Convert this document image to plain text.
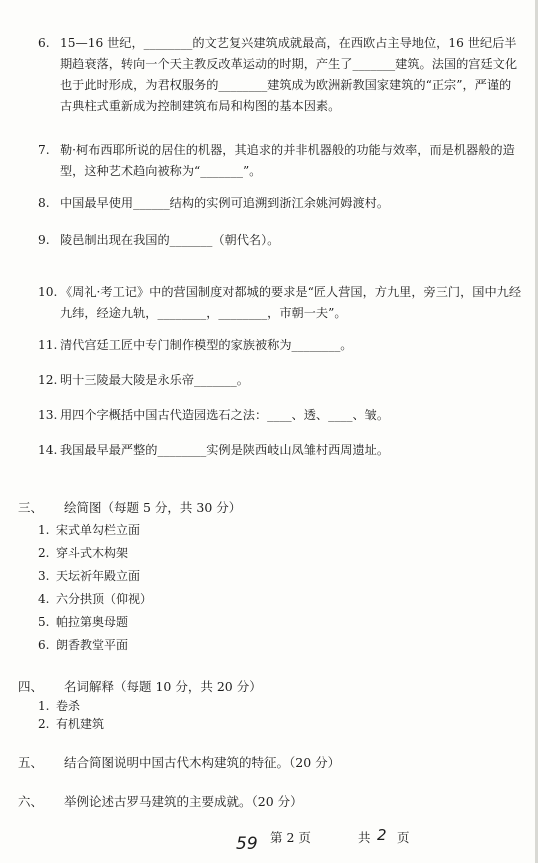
6. 15—16 世纪，________的文艺复兴建筑成就最高，在西欧占主导地位，16 世纪后半期趋衰落，转向一个天主教反改革运动的时期，产生了_______建筑。法国的宫廷文化也于此时形成，为君权服务的________建筑成为欧洲新教国家建筑的“正宗”，严谨的古典柱式重新成为控制建筑布局和构图的基本因素。
7. 勒·柯布西耶所说的居住的机器，其追求的并非机器般的功能与效率，而是机器般的造型，这种艺术趋向被称为“_______”。
8. 中国最早使用______结构的实例可追溯到浙江余姚河姆渡村。
9. 陵邑制出现在我国的_______（朝代名）。
10. 《周礼·考工记》中的营国制度对都城的要求是“匠人营国，方九里，旁三门，国中九经九纬，经途九轨，________，________，市朝一夫”。
11. 清代宫廷工匠中专门制作模型的家族被称为________。
12. 明十三陵最大陵是永乐帝_______。
13. 用四个字概括中国古代造园选石之法：____、透、____、皱。
14. 我国最早最严整的________实例是陕西岐山凤雏村西周遗址。
三、 绘简图（每题 5 分，共 30 分）
1. 宋式单勾栏立面
2. 穿斗式木构架
3. 天坛祈年殿立面
4. 六分拱顶（仰视）
5. 帕拉第奥母题
6. 朗香教堂平面
四、 名词解释（每题 10 分，共 20 分）
1. 卷杀
2. 有机建筑
五、 结合简图说明中国古代木构建筑的特征。（20 分）
六、 举例论述古罗马建筑的主要成就。（20 分）
59 第 2 页	共 2 页
